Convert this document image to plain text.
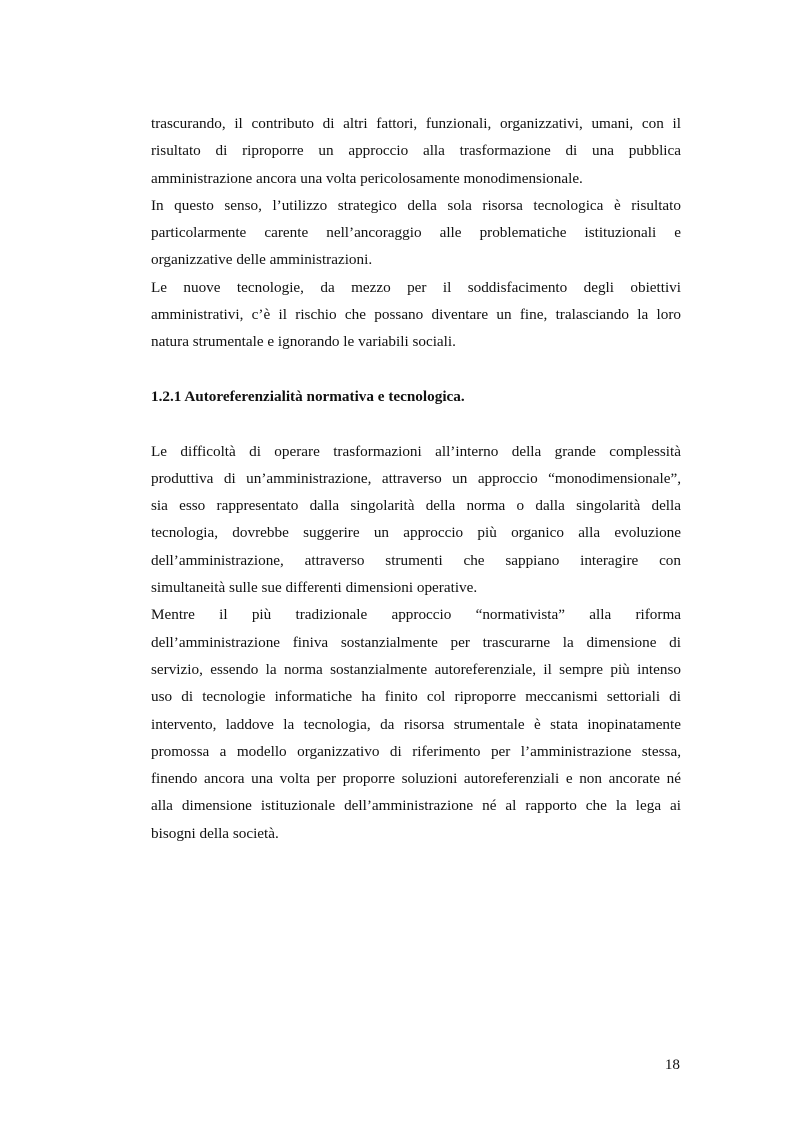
trascurando, il contributo di altri fattori, funzionali, organizzativi, umani, con il
risultato di riproporre un approccio alla trasformazione di una pubblica
amministrazione ancora una volta pericolosamente monodimensionale.
In questo senso, l’utilizzo strategico della sola risorsa tecnologica è risultato
particolarmente carente nell’ancoraggio alle problematiche istituzionali e
organizzative delle amministrazioni.
Le nuove tecnologie, da mezzo per il soddisfacimento degli obiettivi
amministrativi, c’è il rischio che possano diventare un fine, tralasciando la loro
natura strumentale e ignorando le variabili sociali.
1.2.1 Autoreferenzialità normativa e tecnologica.
Le difficoltà di operare trasformazioni all’interno della grande complessità
produttiva di un’amministrazione, attraverso un approccio “monodimensionale”,
sia esso rappresentato dalla singolarità della norma o dalla singolarità della
tecnologia, dovrebbe suggerire un approccio più organico alla evoluzione
dell’amministrazione, attraverso strumenti che sappiano interagire con
simultaneità sulle sue differenti dimensioni operative.
Mentre il più tradizionale approccio “normativista” alla riforma
dell’amministrazione finiva sostanzialmente per trascurarne la dimensione di
servizio, essendo la norma sostanzialmente autoreferenziale, il sempre più intenso
uso di tecnologie informatiche ha finito col riproporre meccanismi settoriali di
intervento, laddove la tecnologia, da risorsa strumentale è stata inopinatamente
promossa a modello organizzativo di riferimento per l’amministrazione stessa,
finendo ancora una volta per proporre soluzioni autoreferenziali e non ancorate né
alla dimensione istituzionale dell’amministrazione né al rapporto che la lega ai
bisogni della società.
18
